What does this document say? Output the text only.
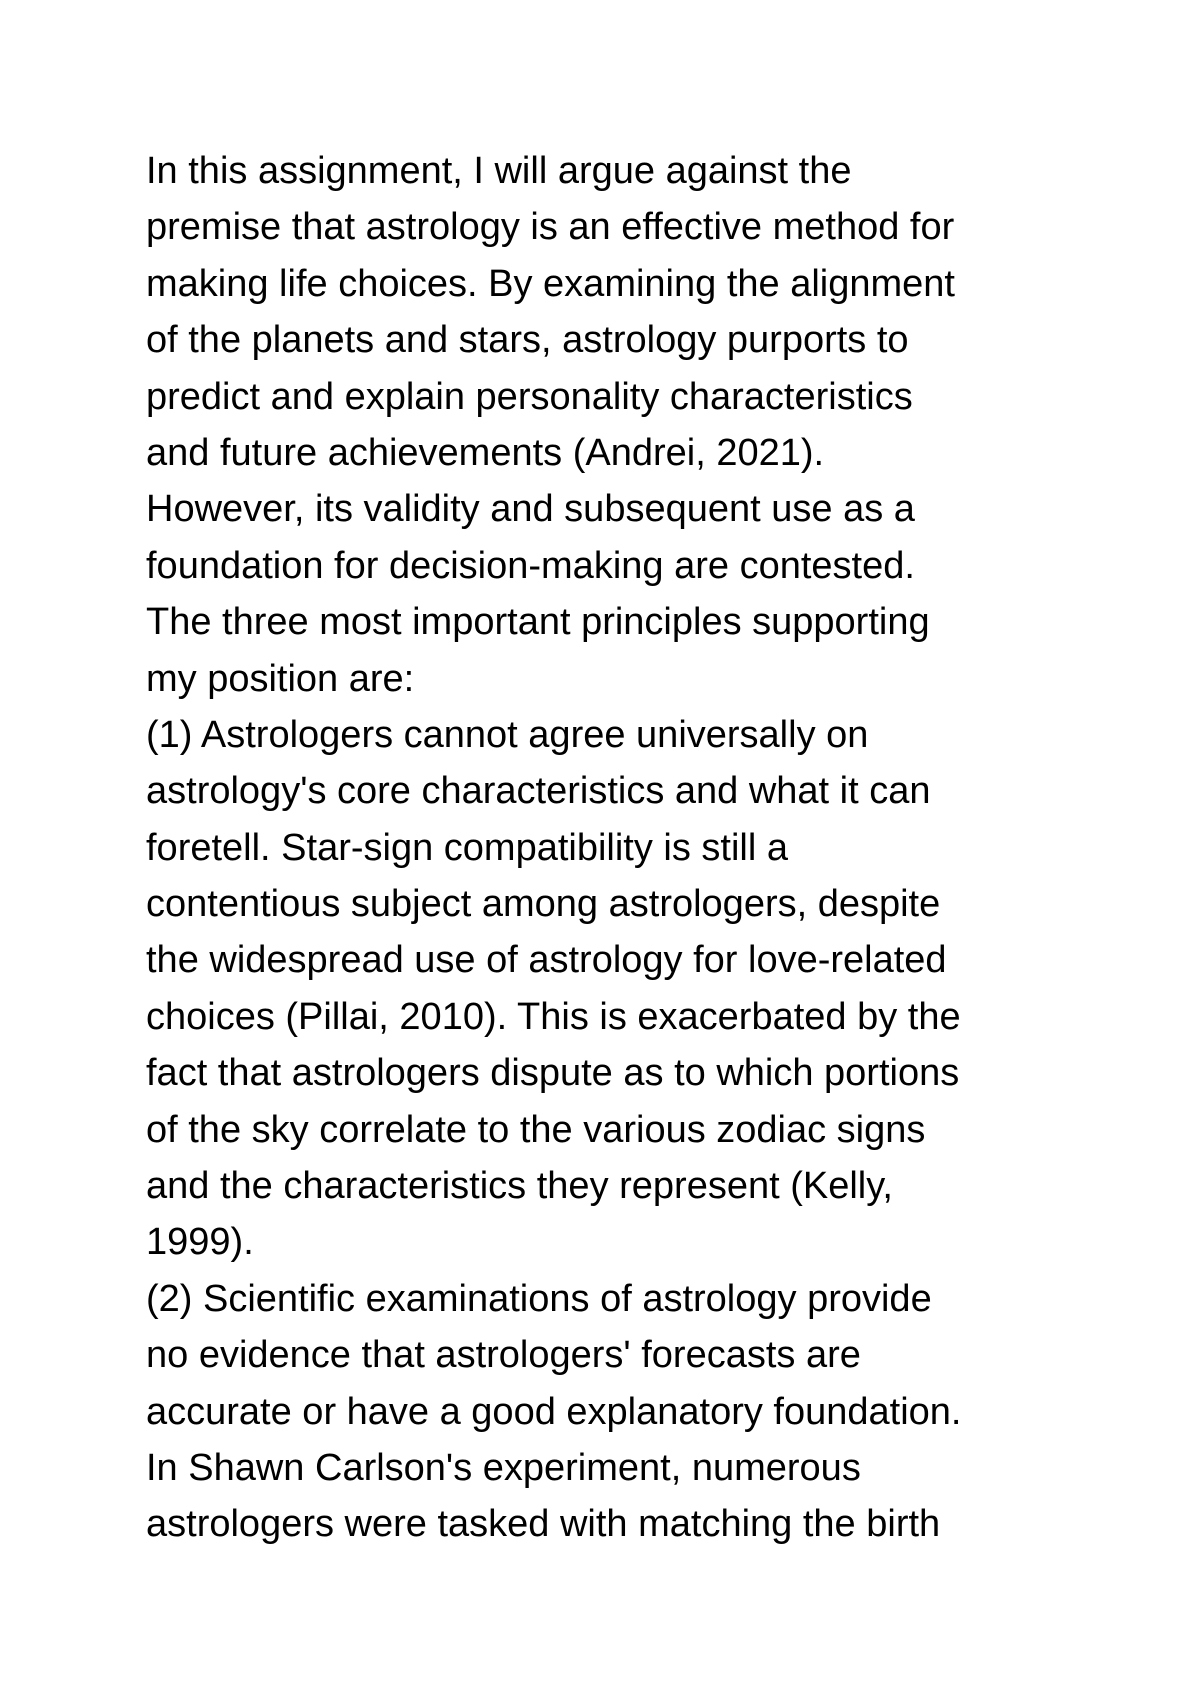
In this assignment, I will argue against the
premise that astrology is an effective method for
making life choices. By examining the alignment
of the planets and stars, astrology purports to
predict and explain personality characteristics
and future achievements (Andrei, 2021).
However, its validity and subsequent use as a
foundation for decision-making are contested.
The three most important principles supporting
my position are:
(1) Astrologers cannot agree universally on
astrology's core characteristics and what it can
foretell. Star-sign compatibility is still a
contentious subject among astrologers, despite
the widespread use of astrology for love-related
choices (Pillai, 2010). This is exacerbated by the
fact that astrologers dispute as to which portions
of the sky correlate to the various zodiac signs
and the characteristics they represent (Kelly,
1999).
(2) Scientific examinations of astrology provide
no evidence that astrologers' forecasts are
accurate or have a good explanatory foundation.
In Shawn Carlson's experiment, numerous
astrologers were tasked with matching the birth
